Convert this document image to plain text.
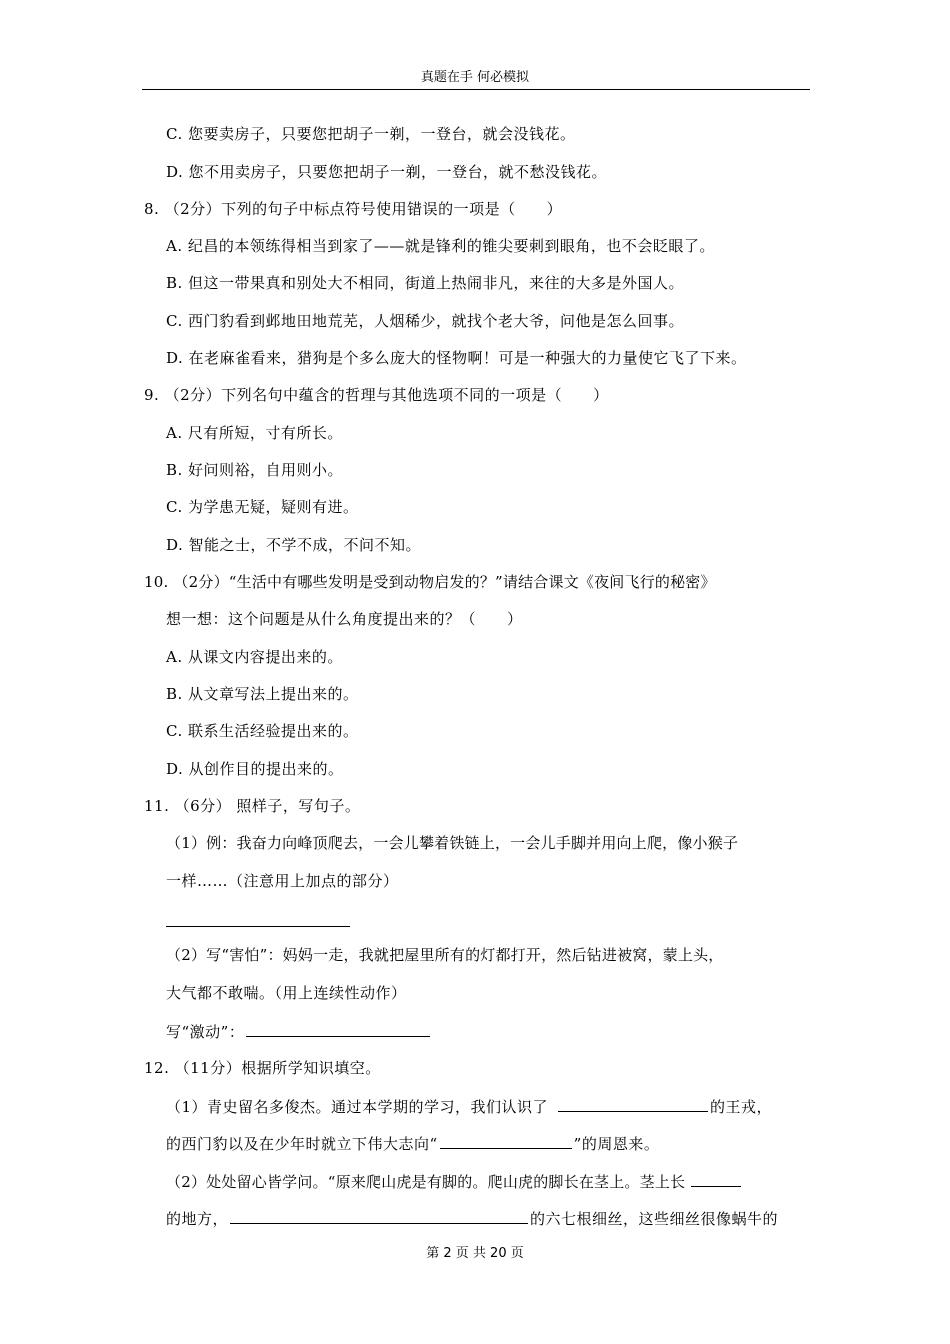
真题在手 何必模拟
C. 您要卖房子，只要您把胡子一剃，一登台，就会没钱花。
D. 您不用卖房子，只要您把胡子一剃，一登台，就不愁没钱花。
8. （2分）下列的句子中标点符号使用错误的一项是（　　）
A. 纪昌的本领练得相当到家了——就是锋利的锥尖要刺到眼角，也不会眨眼了。
B. 但这一带果真和别处大不相同，街道上热闹非凡，来往的大多是外国人。
C. 西门豹看到邺地田地荒芜，人烟稀少，就找个老大爷，问他是怎么回事。
D. 在老麻雀看来，猎狗是个多么庞大的怪物啊！可是一种强大的力量使它飞了下来。
9. （2分）下列名句中蕴含的哲理与其他选项不同的一项是（　　）
A. 尺有所短，寸有所长。
B. 好问则裕，自用则小。
C. 为学患无疑，疑则有进。
D. 智能之士，不学不成，不问不知。
10. （2分）“生活中有哪些发明是受到动物启发的？”请结合课文《夜间飞行的秘密》
想一想：这个问题是从什么角度提出来的？（　　）
A. 从课文内容提出来的。
B. 从文章写法上提出来的。
C. 联系生活经验提出来的。
D. 从创作目的提出来的。
11. （6分） 照样子，写句子。
（1）例：我奋力向峰顶爬去，一会儿攀着铁链上，一会儿手脚并用向上爬，像小猴子
一样……（注意用上加点的部分）
（2）写“害怕”：妈妈一走，我就把屋里所有的灯都打开，然后钻进被窝，蒙上头，
大气都不敢喘。（用上连续性动作）
写“激动”：
12. （11分）根据所学知识填空。
（1）青史留名多俊杰。通过本学期的学习，我们认识了	的王戎，
的西门豹以及在少年时就立下伟大志向“	”的周恩来。
（2）处处留心皆学问。“原来爬山虎是有脚的。爬山虎的脚长在茎上。茎上长
的地方，	的六七根细丝，这些细丝很像蜗牛的
第 2 页 共 20 页
